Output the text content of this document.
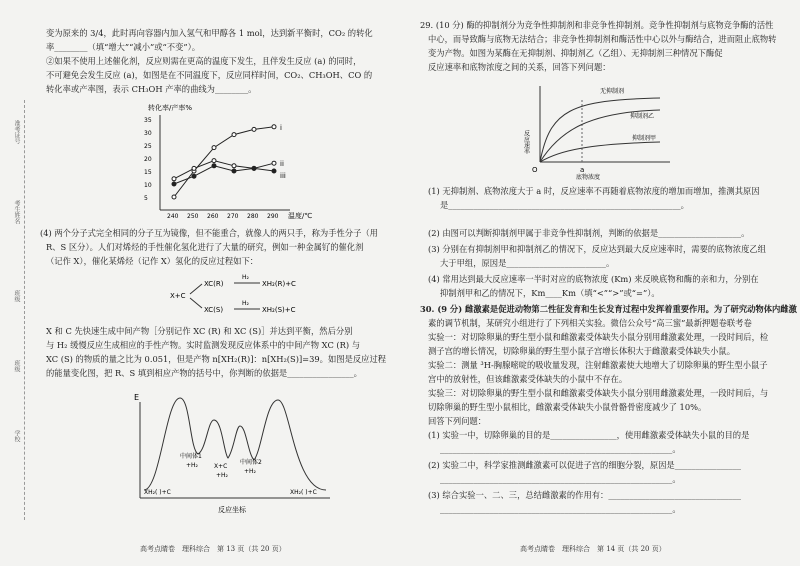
准考证号
考生姓名
班级
班级
学校
变为原来的 3/4，此时再向容器内加入氢气和甲醇各 1 mol，达到新平衡时，CO₂ 的转化
率________（填“增大”“减小”或“不变”）。
②如果不使用上述催化剂，反应则需在更高的温度下发生，且伴发生反应 (a) 的同时，
不可避免会发生反应 (a)，如图是在不同温度下，反应同样时间，CO₂、CH₃OH、CO 的
转化率或产率图，表示 CH₃OH 产率的曲线为________。
转化率/产率%
温度/℃
5
10
15
20
25
30
35
240 250 260 270 280 290
i
ii
iii
(4) 两个分子式完全相同的分子互为镜像，但不能重合，就像人的两只手，称为手性分子（用
R、S 区分）。人们对烯烃的手性催化氢化进行了大量的研究，例如一种金属钌的催化剂
（记作 X），催化某烯烃（记作 X）氢化的反应过程如下：
X+C
XC(R)
XC(S)
H₂
H₂
XH₂(R)+C
XH₂(S)+C
X 和 C 先快速生成中间产物［分别记作 XC (R) 和 XC (S)］并达到平衡，然后分别
与 H₂ 缓慢反应生成相应的手性产物。实时监测发现反应体系中的中间产物 XC (R) 与
XC (S) 的物质的量之比为 0.051，但是产物 n[XH₂(R)]：n[XH₂(S)]=39。如图是反应过程
的能量变化图，把 R、S 填到相应产物的括号中，你判断的依据是________________。
E
中间体1
+H₂	X+C
+H₂
中间体2
+H₂
XH₂( )+C	XH₂( )+C
反应坐标
高考点睛卷　理科综合　第 13 页（共 20 页）
29. (10 分) 酶的抑制剂分为竞争性抑制剂和非竞争性抑制剂。竞争性抑制剂与底物竞争酶的活性
中心，而导致酶与底物无法结合；非竞争性抑制剂和酶活性中心以外与酶结合，进而阻止底物转
变为产物。如图为某酶在无抑制剂、抑制剂乙（乙组）、无抑制剂三种情况下酶促
反应速率和底物浓度之间的关系，回答下列问题：
反应速率
O	a
底物浓度
无抑制剂
抑制剂乙
抑制剂甲
(1) 无抑制剂、底物浓度大于 a 时，反应速率不再随着底物浓度的增加而增加，推测其原因
是________________________________________________________。
(2) 由图可以判断抑制剂甲属于非竞争性抑制剂，判断的依据是____________________。
(3) 分别在有抑制剂甲和抑制剂乙的情况下，反应达到最大反应速率时，需要的底物浓度乙组
大于甲组，原因是________________________。
(4) 常用达到最大反应速率一半时对应的底物浓度 (Km) 来反映底物和酶的亲和力，分别在
抑制剂甲和乙的情况下，Km____Km（填“<”“>”或“=”）。
30. (9 分) 雌激素是促进动物第二性征发育和生长发育过程中发挥着重要作用。为了研究动物体内雌激
素的调节机制，某研究小组进行了下列相关实验。微信公众号“高三蜜”最新押题卷联考卷
实验一：对切除卵巢的野生型小鼠和雌激素受体缺失小鼠分别用雌激素处理，一段时间后，检
测子宫的增长情况，切除卵巢的野生型小鼠子宫增长体积大于雌激素受体缺失小鼠。
实验二：测量 ³H-胸腺嘧啶的吸收量发现，注射雌激素使大地增大了切除卵巢的野生型小鼠子
宫中的放射性，但该雌激素受体缺失的小鼠中不存在。
实验三：对切除卵巢的野生型小鼠和雌激素受体缺失小鼠分别用雌激素处理，一段时间后，与
切除卵巢的野生型小鼠相比，雌激素受体缺失小鼠骨骼骨密度减少了 10%。
回答下列问题：
(1) 实验一中，切除卵巢的目的是________________，使用雌激素受体缺失小鼠的目的是
________________________________________________________。
(2) 实验二中，科学家推测雌激素可以促进子宫的细胞分裂，原因是________________
________________________________________________________。
(3) 综合实验一、二、三，总结雌激素的作用有：________________________________
________________________________________________________。
高考点睛卷　理科综合　第 14 页（共 20 页）
